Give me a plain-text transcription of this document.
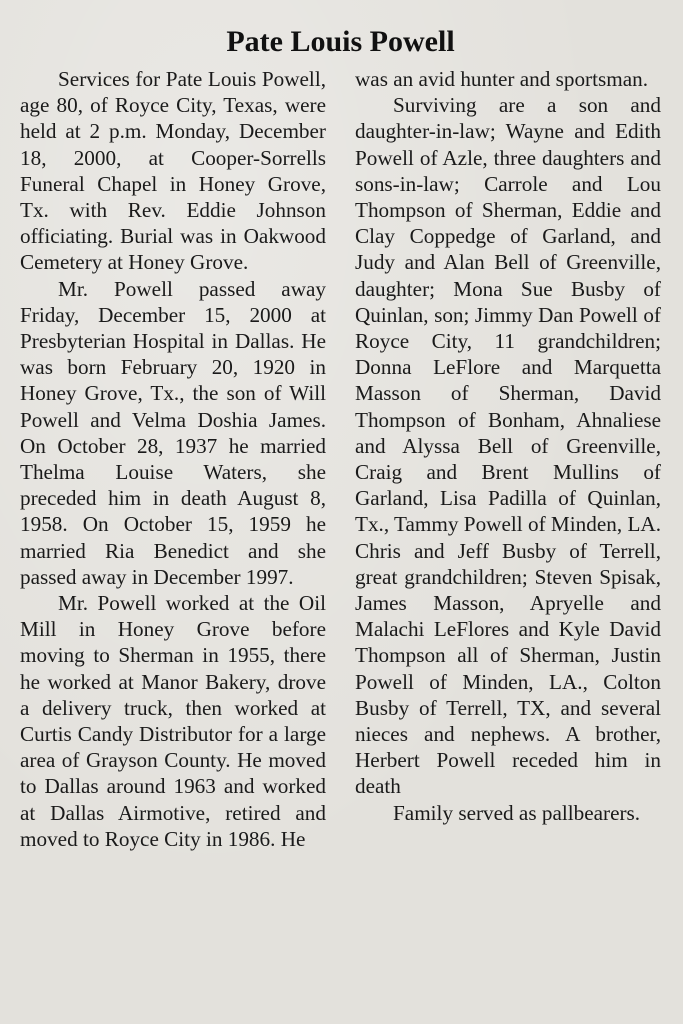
Pate Louis Powell

Services for Pate Louis Powell, age 80, of Royce City, Texas, were held at 2 p.m. Monday, December 18, 2000, at Cooper-Sorrells Funeral Chapel in Honey Grove, Tx. with Rev. Eddie Johnson officiating. Burial was in Oakwood Cemetery at Honey Grove.

Mr. Powell passed away Friday, December 15, 2000 at Presbyterian Hospital in Dallas. He was born February 20, 1920 in Honey Grove, Tx., the son of Will Powell and Velma Doshia James. On October 28, 1937 he married Thelma Louise Waters, she preceded him in death August 8, 1958. On October 15, 1959 he married Ria Benedict and she passed away in December 1997.

Mr. Powell worked at the Oil Mill in Honey Grove before moving to Sherman in 1955, there he worked at Manor Bakery, drove a delivery truck, then worked at Curtis Candy Distributor for a large area of Grayson County. He moved to Dallas around 1963 and worked at Dallas Airmotive, retired and moved to Royce City in 1986. He

was an avid hunter and sportsman.

Surviving are a son and daughter-in-law; Wayne and Edith Powell of Azle, three daughters and sons-in-law; Carrole and Lou Thompson of Sherman, Eddie and Clay Coppedge of Garland, and Judy and Alan Bell of Greenville, daughter; Mona Sue Busby of Quinlan, son; Jimmy Dan Powell of Royce City, 11 grandchildren; Donna LeFlore and Marquetta Masson of Sherman, David Thompson of Bonham, Ahnaliese and Alyssa Bell of Greenville, Craig and Brent Mullins of Garland, Lisa Padilla of Quinlan, Tx., Tammy Powell of Minden, LA. Chris and Jeff Busby of Terrell, great grandchildren; Steven Spisak, James Masson, Apryelle and Malachi LeFlores and Kyle David Thompson all of Sherman, Justin Powell of Minden, LA., Colton Busby of Terrell, TX, and several nieces and nephews. A brother, Herbert Powell receded him in death

Family served as pallbearers.
